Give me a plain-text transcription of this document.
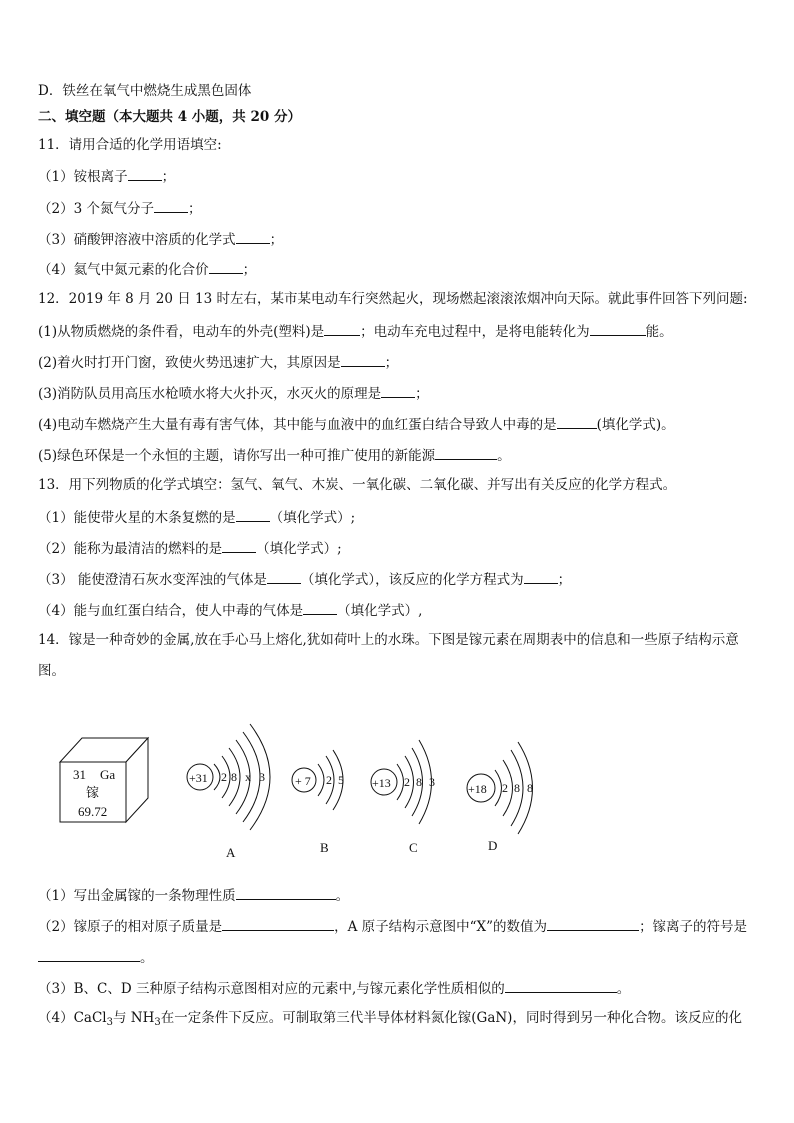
D．铁丝在氧气中燃烧生成黑色固体
二、填空题（本大题共 4 小题，共 20 分）
11．请用合适的化学用语填空:
（1）铵根离子	；
（2）3 个氮气分子	；
（3）硝酸钾溶液中溶质的化学式	；
（4）氦气中氮元素的化合价	；
12．2019 年 8 月 20 日 13 时左右，某市某电动车行突然起火，现场燃起滚滚浓烟冲向天际。就此事件回答下列问题:
(1)从物质燃烧的条件看，电动车的外壳(塑料)是	；电动车充电过程中，是将电能转化为	能。
(2)着火时打开门窗，致使火势迅速扩大，其原因是	；
(3)消防队员用高压水枪喷水将大火扑灭，水灭火的原理是	；
(4)电动车燃烧产生大量有毒有害气体，其中能与血液中的血红蛋白结合导致人中毒的是	(填化学式)。
(5)绿色环保是一个永恒的主题，请你写出一种可推广使用的新能源	。
13．用下列物质的化学式填空：氢气、氧气、木炭、一氧化碳、二氧化碳、并写出有关反应的化学方程式。
（1）能使带火星的木条复燃的是	（填化学式）;
（2）能称为最清洁的燃料的是	（填化学式）;
（3） 能使澄清石灰水变浑浊的气体是	（填化学式），该反应的化学方程式为	；
（4）能与血红蛋白结合，使人中毒的气体是	（填化学式）,
14．镓是一种奇妙的金属,放在手心马上熔化,犹如荷叶上的水珠。下图是镓元素在周期表中的信息和一些原子结构示意
图。
31 Ga
镓
69.72
+31 2 8 x 3	+ 7 2 5 +13 2 8 3	+18 2 8 8
A	B	C	D
（1）写出金属镓的一条物理性质	。
（2）镓原子的相对原子质量是	，A 原子结构示意图中“X”的数值为	；镓离子的符号是
。
（3）B、C、D 三种原子结构示意图相对应的元素中,与镓元素化学性质相似的	。
（4）CaCl$_3$与 $NH_3$在一定条件下反应。可制取第三代半导体材料氮化镓(GaN)，同时得到另一种化合物。该反应的化
